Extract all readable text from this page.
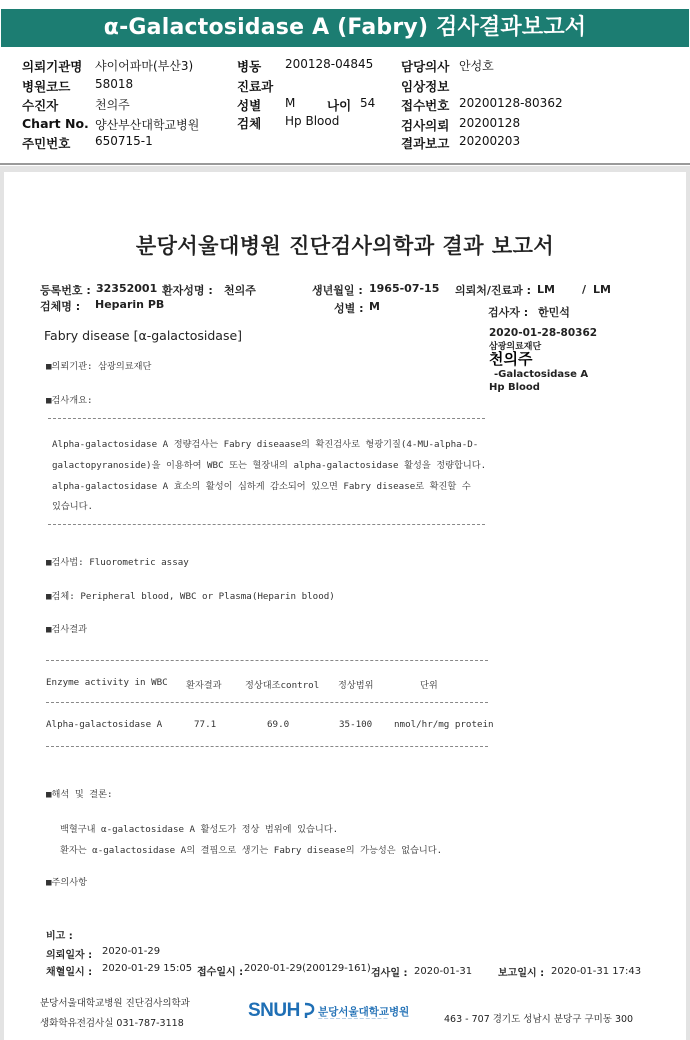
α-Galactosidase A (Fabry) 검사결과보고서
의뢰기관명 샤이어파마(부산3)
병원코드 58018
수진자	천의주
Chart No. 양산부산대학교병원
주민번호 650715-1
병동 200128-04845
진료과
성별 M	나이 54
검체 Hp Blood
담당의사 안성호
임상정보
접수번호 20200128-80362
검사의뢰 20200128
결과보고 20200203
분당서울대병원 진단검사의학과 결과 보고서
등록번호 : 32352001 환자성명 : 천의주	생년월일 : 1965-07-15 의뢰처/진료과 : LM / LM
검체명 : Heparin PB	성별 : M	검사자 : 한민석
Fabry disease [α-galactosidase]	2020-01-28-80362
삼광의료재단
천의주
-Galactosidase A
Hp Blood
■의뢰기관: 삼광의료재단
■검사개요:
Alpha-galactosidase A 정량검사는 Fabry diseaase의 확진검사로 형광기질(4-MU-alpha-D-
galactopyranoside)을 이용하여 WBC 또는 혈장내의 alpha-galactosidase 활성을 정량합니다.
alpha-galactosidase A 효소의 활성이 심하게 감소되어 있으면 Fabry disease로 확진할 수
있습니다.
■검사법: Fluorometric assay
■검체: Peripheral blood, WBC or Plasma(Heparin blood)
■검사결과
Enzyme activity in WBC 환자결과	정상대조control 정상범위	단위
Alpha-galactosidase A	77.1	69.0	35-100 nmol/hr/mg protein
■해석 및 결론:
백혈구내 α-galactosidase A 활성도가 정상 범위에 있습니다.
환자는 α-galactosidase A의 결핍으로 생기는 Fabry disease의 가능성은 없습니다.
■주의사항
비고 :
의뢰일자 : 2020-01-29
채혈일시 : 2020-01-29 15:05 접수일시 : 2020-01-29(200129-161) 검사일 : 2020-01-31	보고일시 : 2020-01-31 17:43
분당서울대학교병원 진단검사의학과
생화학유전검사실 031-787-3118
SNUH 분당서울대학교병원
— — — — — — — — — — — —	463 - 707 경기도 성남시 분당구 구미동 300
